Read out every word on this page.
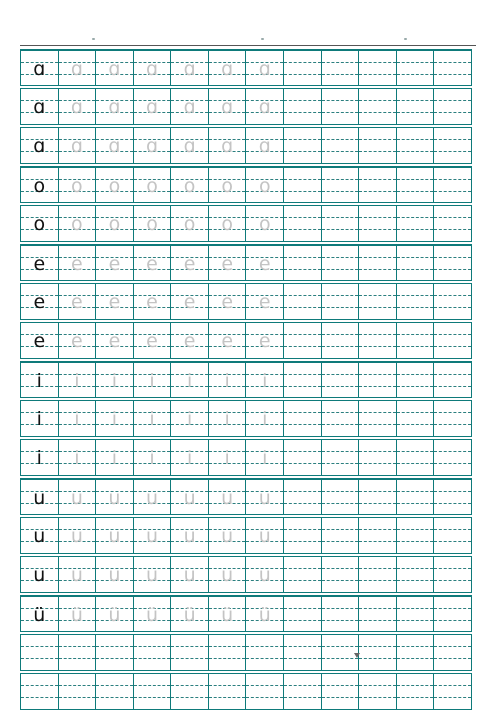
ɑ ɑ ɑ ɑ ɑ ɑ ɑ
ɑ ɑ ɑ ɑ ɑ ɑ ɑ
ɑ ɑ ɑ ɑ ɑ ɑ ɑ
o o o o o o o
o o o o o o o
e e e e e e e
e e e e e e e
e e e e e e e
i i i i i i i
i i i i i i i
i i i i i i i
u u u u u u u
u u u u u u u
u u u u u u u
ü ü ü ü ü ü ü
